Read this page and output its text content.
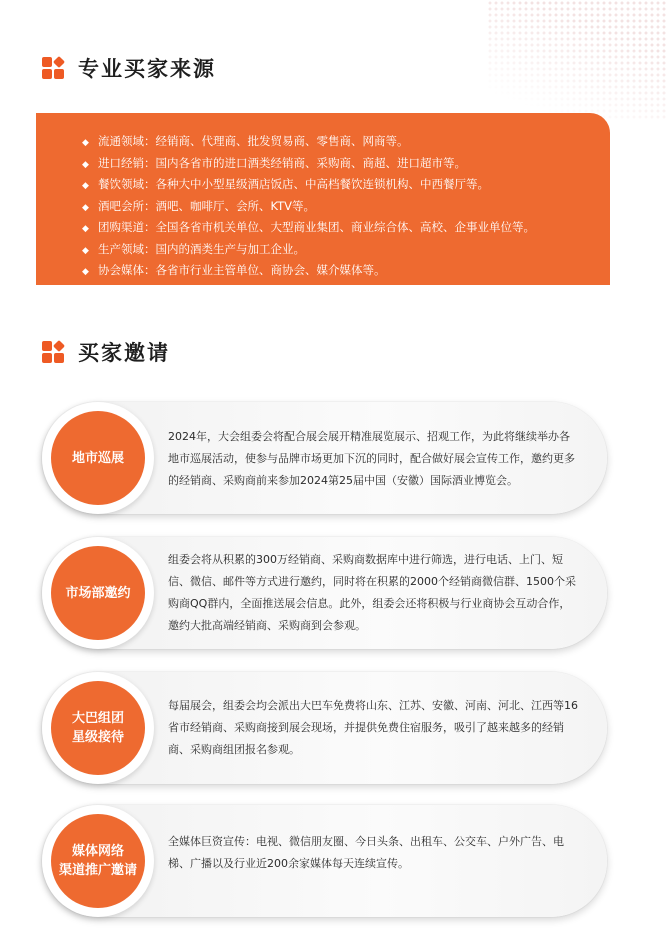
专业买家来源
◆ 流通领域：经销商、代理商、批发贸易商、零售商、网商等。
◆ 进口经销：国内各省市的进口酒类经销商、采购商、商超、进口超市等。
◆ 餐饮领域：各种大中小型星级酒店饭店、中高档餐饮连锁机构、中西餐厅等。
◆ 酒吧会所：酒吧、咖啡厅、会所、KTV等。
◆ 团购渠道：全国各省市机关单位、大型商业集团、商业综合体、高校、企事业单位等。
◆ 生产领域：国内的酒类生产与加工企业。
◆ 协会媒体：各省市行业主管单位、商协会、媒介媒体等。
买家邀请
地市巡展
2024年，大会组委会将配合展会展开精准展览展示、招观工作，为此将继续举办各地市巡展活动，使参与品牌市场更加下沉的同时，配合做好展会宣传工作，邀约更多的经销商、采购商前来参加2024第25届中国（安徽）国际酒业博览会。
市场部邀约
组委会将从积累的300万经销商、采购商数据库中进行筛选，进行电话、上门、短信、微信、邮件等方式进行邀约，同时将在积累的2000个经销商微信群、1500个采购商QQ群内，全面推送展会信息。此外，组委会还将积极与行业商协会互动合作，邀约大批高端经销商、采购商到会参观。
大巴组团
星级接待
每届展会，组委会均会派出大巴车免费将山东、江苏、安徽、河南、河北、江西等16省市经销商、采购商接到展会现场，并提供免费住宿服务，吸引了越来越多的经销商、采购商组团报名参观。
媒体网络
渠道推广邀请
全媒体巨资宣传：电视、微信朋友圈、今日头条、出租车、公交车、户外广告、电梯、广播以及行业近200余家媒体每天连续宣传。
